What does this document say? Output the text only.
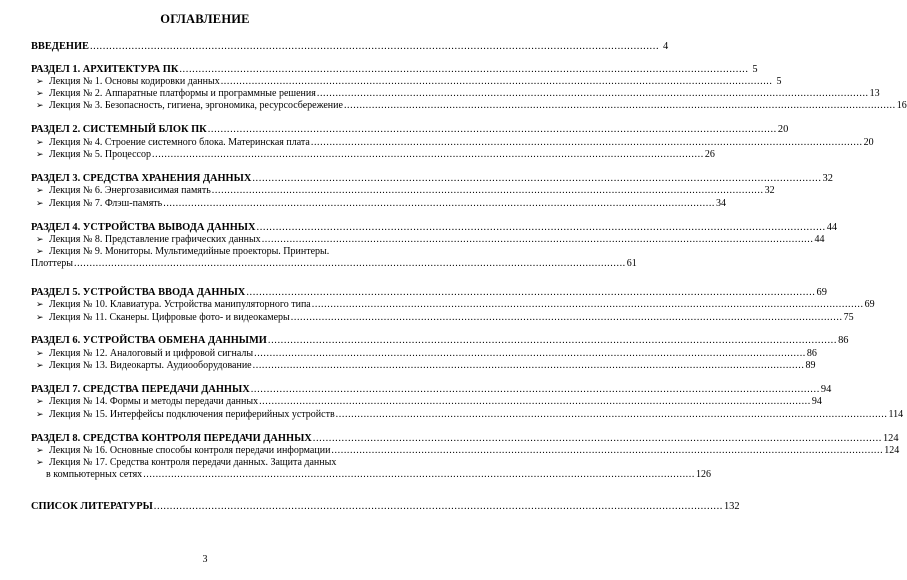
ОГЛАВЛЕНИЕ
ВВЕДЕНИЕ .....	4
РАЗДЕЛ 1. АРХИТЕКТУРА ПК .....	5
➢ Лекция № 1. Основы кодировки данных .....	5
➢ Лекция № 2. Аппаратные платформы и программные решения .....	13
➢ Лекция № 3. Безопасность, гигиена, эргономика, ресурсосбережение .....	16
РАЗДЕЛ 2. СИСТЕМНЫЙ БЛОК ПК .....	20
➢ Лекция № 4. Строение системного блока. Материнская плата .....	20
➢ Лекция № 5. Процессор .....	26
РАЗДЕЛ 3. СРЕДСТВА ХРАНЕНИЯ ДАННЫХ .....	32
➢ Лекция № 6. Энергозависимая память .....	32
➢ Лекция № 7. Флэш-память .....	34
РАЗДЕЛ 4. УСТРОЙСТВА ВЫВОДА ДАННЫХ .....	44
➢ Лекция № 8. Представление графических данных .....	44
➢ Лекция № 9. Мониторы. Мультимедийные проекторы. Принтеры.
Плоттеры .....	61
РАЗДЕЛ 5. УСТРОЙСТВА ВВОДА ДАННЫХ .....	69
➢ Лекция № 10. Клавиатура. Устройства манипуляторного типа .....	69
➢ Лекция № 11. Сканеры. Цифровые фото- и видеокамеры .....	75
РАЗДЕЛ 6. УСТРОЙСТВА ОБМЕНА ДАННЫМИ .....	86
➢ Лекция № 12. Аналоговый и цифровой сигналы .....	86
➢ Лекция № 13. Видеокарты. Аудиооборудование .....	89
РАЗДЕЛ 7. СРЕДСТВА ПЕРЕДАЧИ ДАННЫХ .....	94
➢ Лекция № 14. Формы и методы передачи данных .....	94
➢ Лекция № 15. Интерфейсы подключения периферийных устройств .....	114
РАЗДЕЛ 8. СРЕДСТВА КОНТРОЛЯ ПЕРЕДАЧИ ДАННЫХ .....	124
➢ Лекция № 16. Основные способы контроля передачи информации .....	124
➢ Лекция № 17. Средства контроля передачи данных. Защита данных
в компьютерных сетях .....	126
СПИСОК ЛИТЕРАТУРЫ .....	132
3
